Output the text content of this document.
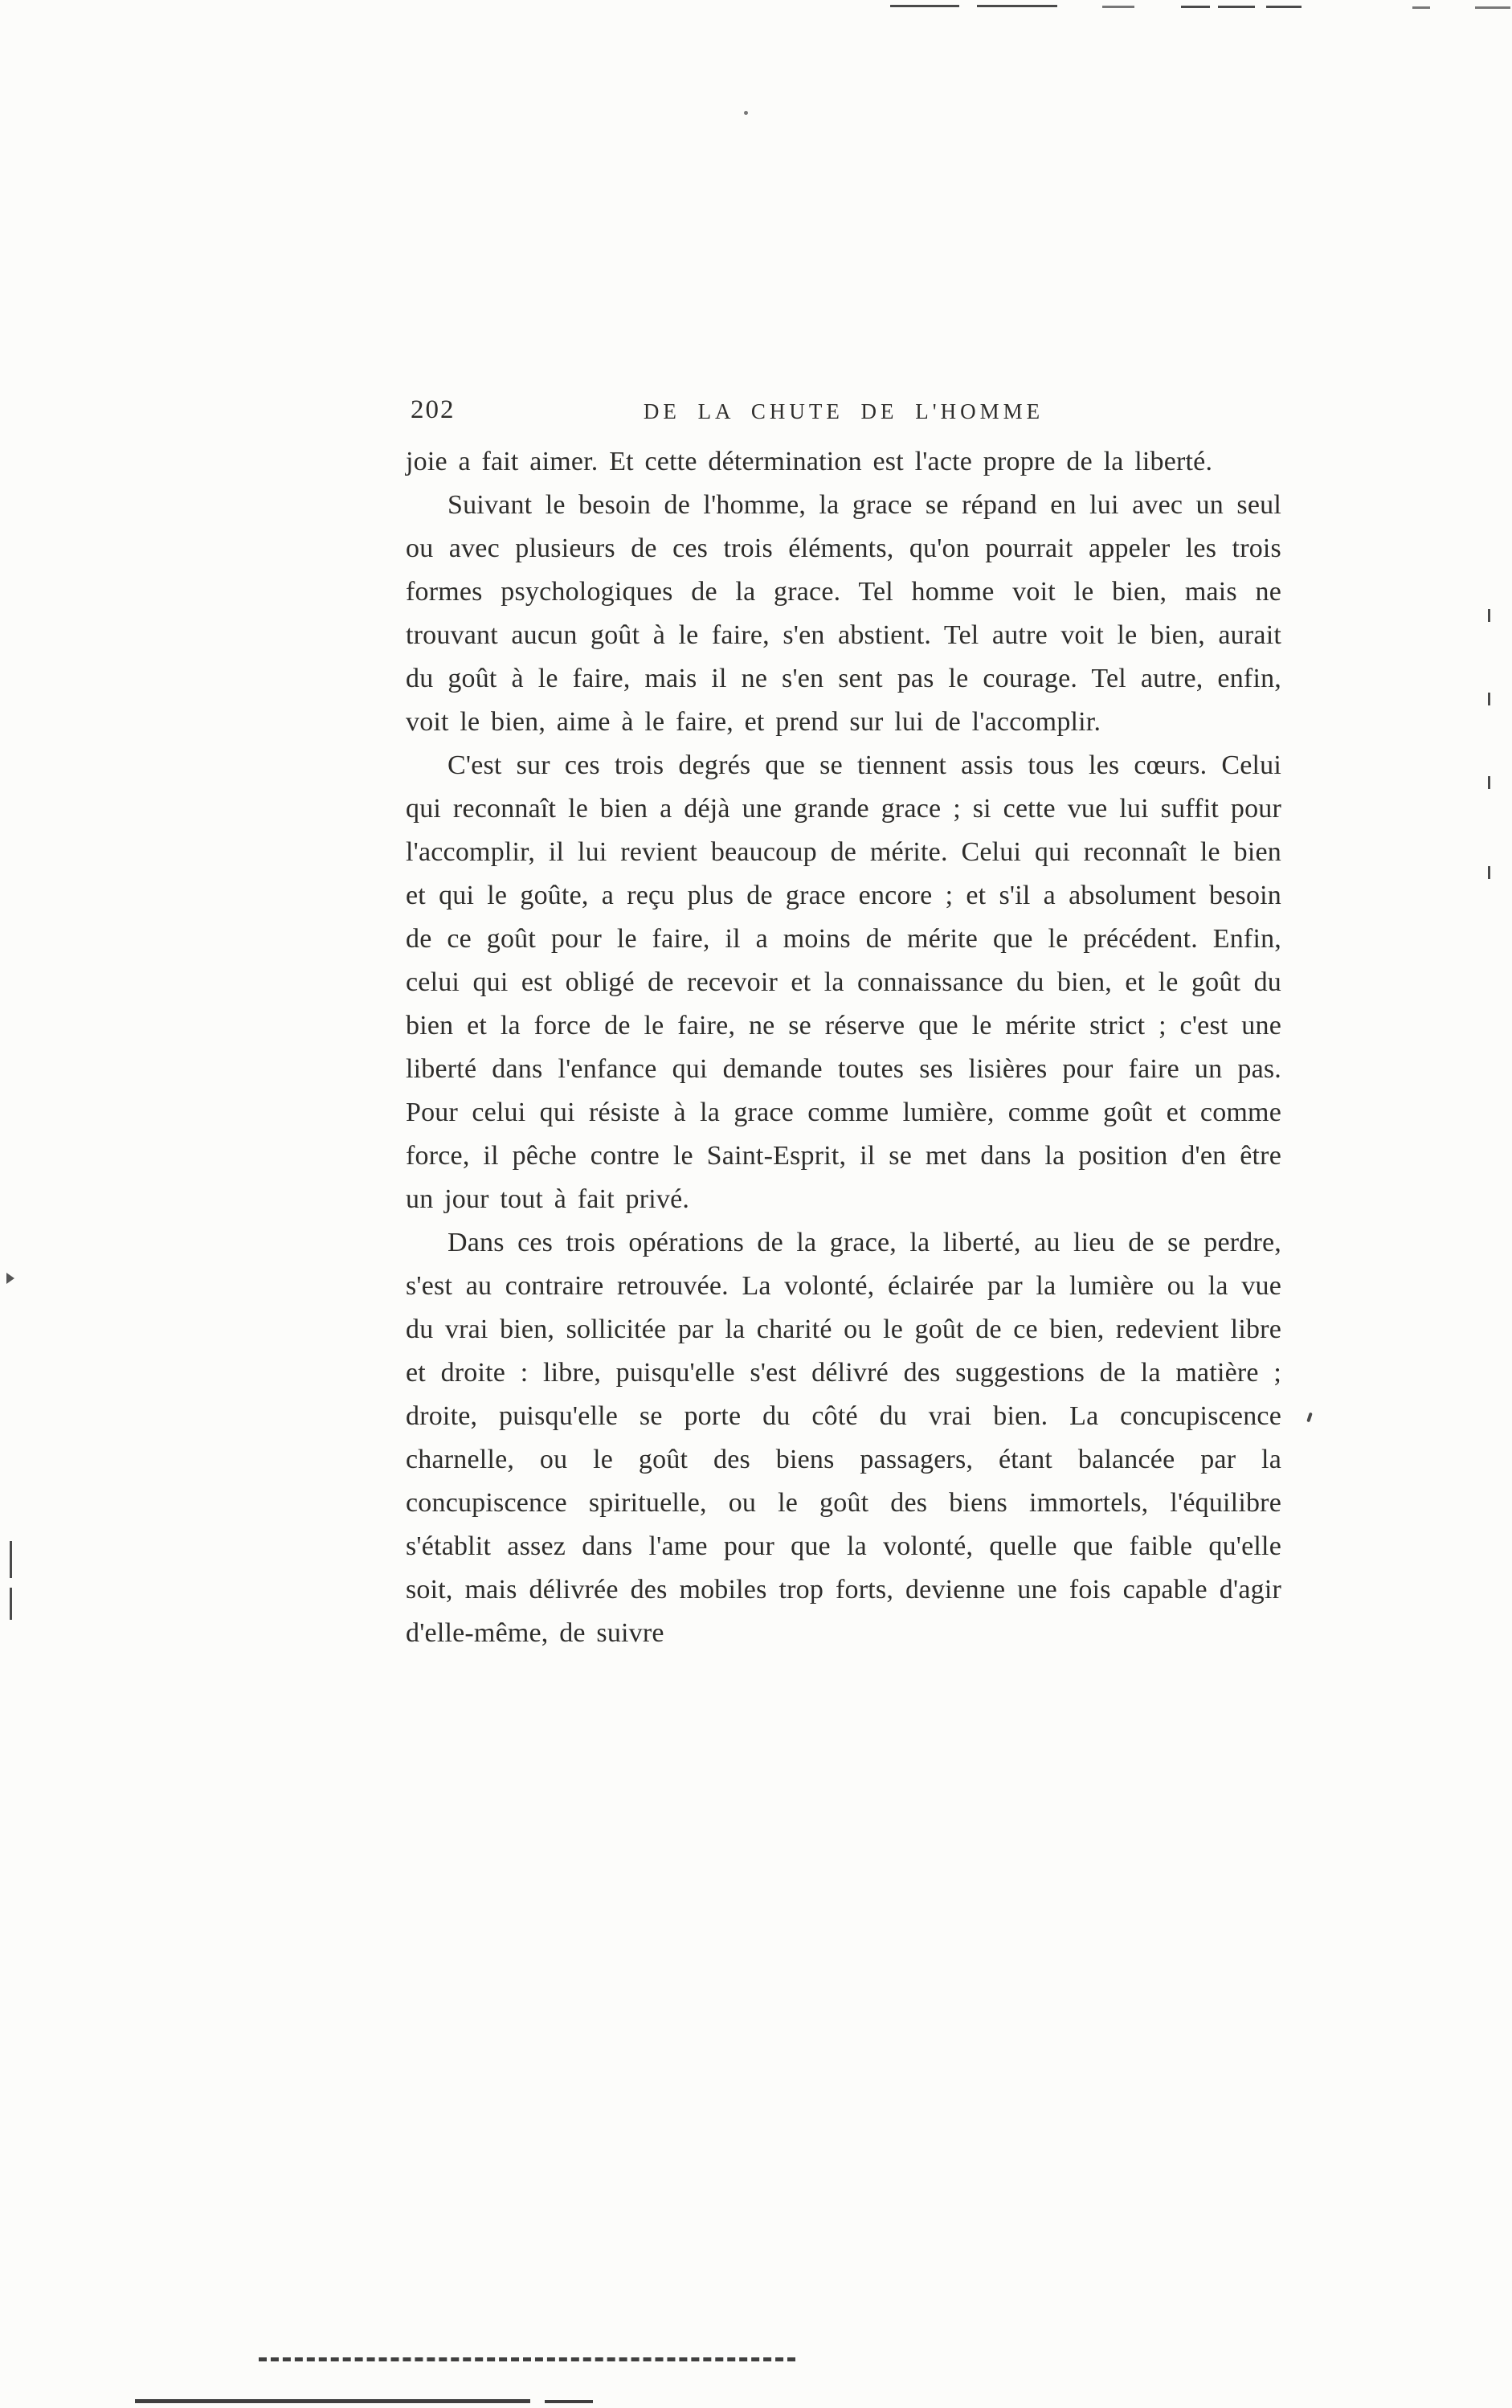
202	DE LA CHUTE DE L'HOMME

joie a fait aimer. Et cette détermination est l'acte propre de la liberté.

Suivant le besoin de l'homme, la grace se répand en lui avec un seul ou avec plusieurs de ces trois éléments, qu'on pourrait appeler les trois formes psychologiques de la grace. Tel homme voit le bien, mais ne trouvant aucun goût à le faire, s'en abstient. Tel autre voit le bien, aurait du goût à le faire, mais il ne s'en sent pas le courage. Tel autre, enfin, voit le bien, aime à le faire, et prend sur lui de l'accomplir.

C'est sur ces trois degrés que se tiennent assis tous les cœurs. Celui qui reconnaît le bien a déjà une grande grace ; si cette vue lui suffit pour l'accomplir, il lui revient beaucoup de mérite. Celui qui reconnaît le bien et qui le goûte, a reçu plus de grace encore ; et s'il a absolument besoin de ce goût pour le faire, il a moins de mérite que le précédent. Enfin, celui qui est obligé de recevoir et la connaissance du bien, et le goût du bien et la force de le faire, ne se réserve que le mérite strict ; c'est une liberté dans l'enfance qui demande toutes ses lisières pour faire un pas. Pour celui qui résiste à la grace comme lumière, comme goût et comme force, il pêche contre le Saint-Esprit, il se met dans la position d'en être un jour tout à fait privé.

Dans ces trois opérations de la grace, la liberté, au lieu de se perdre, s'est au contraire retrouvée. La volonté, éclairée par la lumière ou la vue du vrai bien, sollicitée par la charité ou le goût de ce bien, redevient libre et droite : libre, puisqu'elle s'est délivré des suggestions de la matière ; droite, puisqu'elle se porte du côté du vrai bien. La concupiscence charnelle, ou le goût des biens passagers, étant balancée par la concupiscence spirituelle, ou le goût des biens immortels, l'équilibre s'établit assez dans l'ame pour que la volonté, quelle que faible qu'elle soit, mais délivrée des mobiles trop forts, devienne une fois capable d'agir d'elle-même, de suivre
